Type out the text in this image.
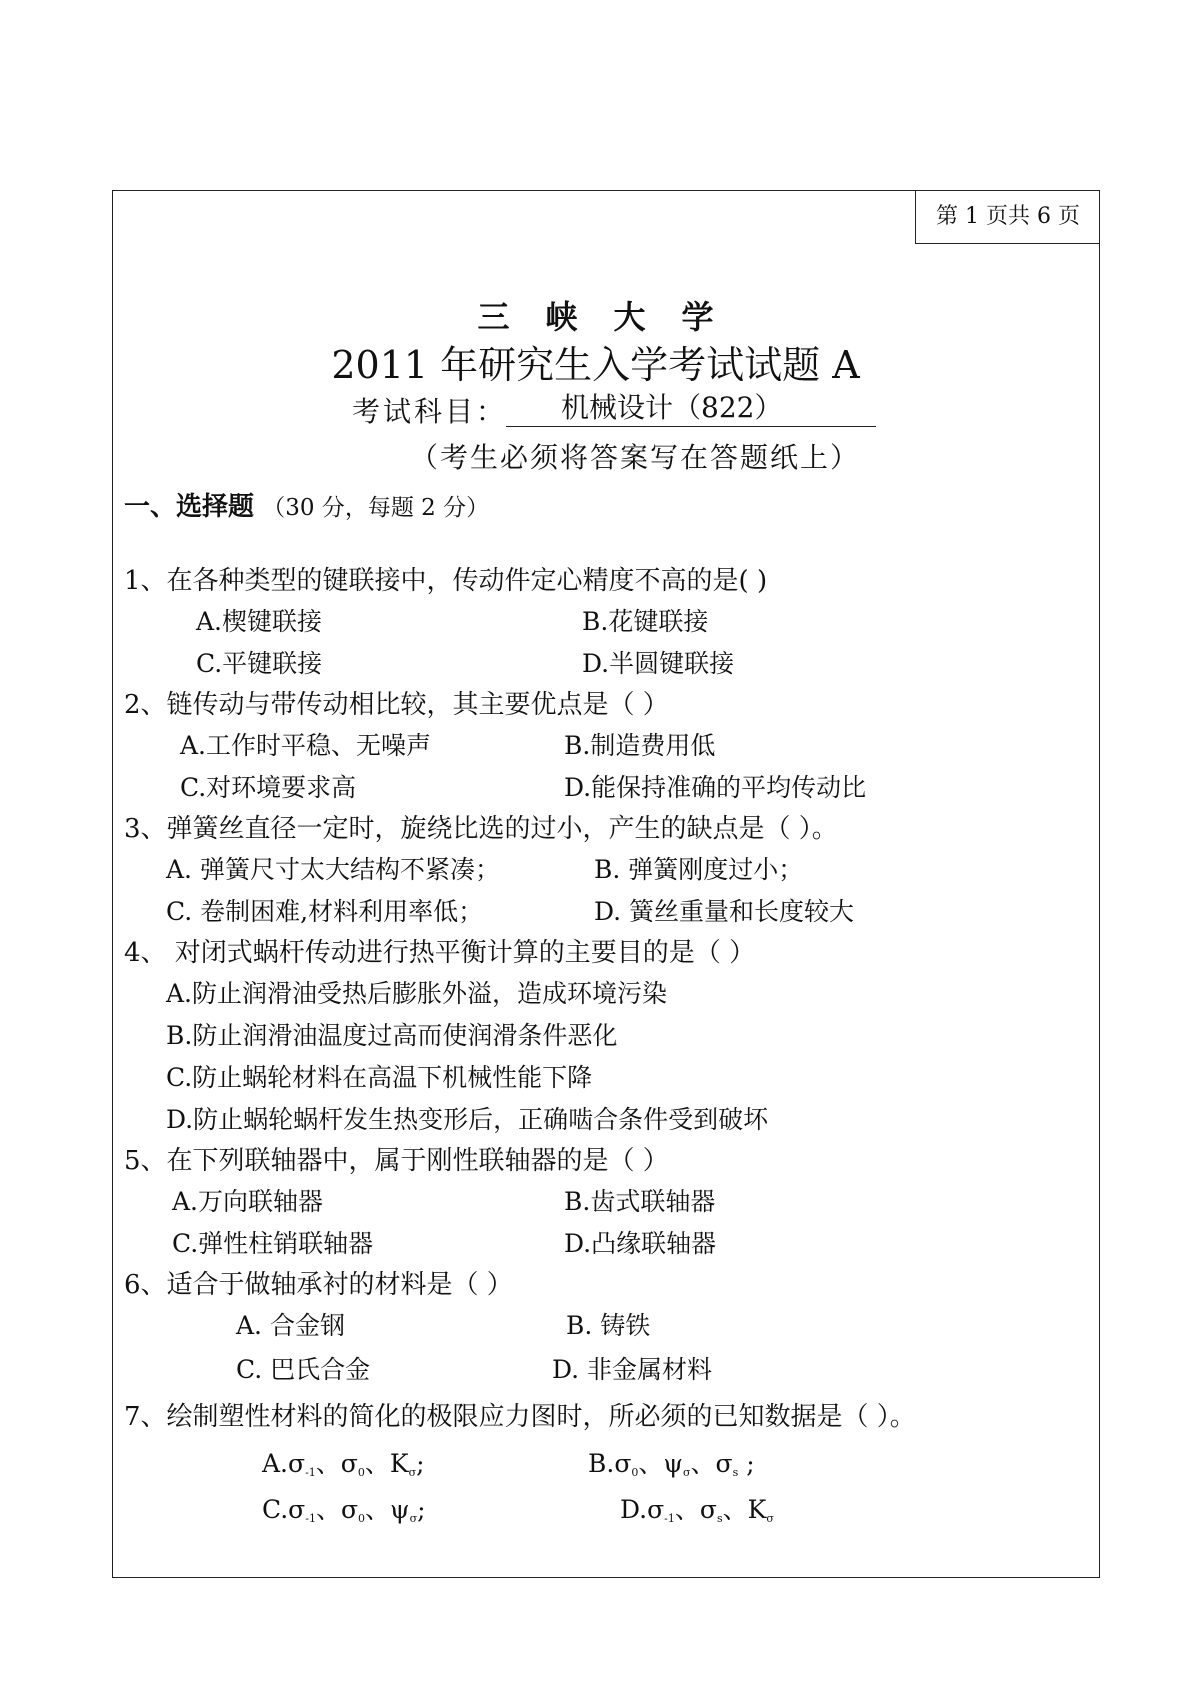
第 1 页共 6 页
三峡大学
2011 年研究生入学考试试题 A
考试科目：	机械设计（822）
（考生必须将答案写在答题纸上）
一、选择题 （30 分，每题 2 分）
1、在各种类型的键联接中，传动件定心精度不高的是( )
A.楔键联接	B.花键联接
C.平键联接	D.半圆键联接
2、链传动与带传动相比较，其主要优点是（ ）
A.工作时平稳、无噪声	B.制造费用低
C.对环境要求高	D.能保持准确的平均传动比
3、弹簧丝直径一定时，旋绕比选的过小，产生的缺点是（ ）。
A. 弹簧尺寸太大结构不紧凑；	B. 弹簧刚度过小；
C. 卷制困难,材料利用率低；	D. 簧丝重量和长度较大
4、 对闭式蜗杆传动进行热平衡计算的主要目的是（ ）
A.防止润滑油受热后膨胀外溢，造成环境污染
B.防止润滑油温度过高而使润滑条件恶化
C.防止蜗轮材料在高温下机械性能下降
D.防止蜗轮蜗杆发生热变形后，正确啮合条件受到破坏
5、在下列联轴器中，属于刚性联轴器的是（ ）
A.万向联轴器	B.齿式联轴器
C.弹性柱销联轴器	D.凸缘联轴器
6、适合于做轴承衬的材料是（ ）
A. 合金钢	B. 铸铁
C. 巴氏合金	D. 非金属材料
7、绘制塑性材料的简化的极限应力图时，所必须的已知数据是（ ）。
$A.\sigma_{-1}$、$\sigma_0$、$K_\sigma$;	$B.\sigma_0$、$\psi_\sigma$、$\sigma_s$ ;
$C.\sigma_{-1}$、$\sigma_0$、$\psi_\sigma$;	$D.\sigma_{-1}$、$\sigma_s$、$K_\sigma$
